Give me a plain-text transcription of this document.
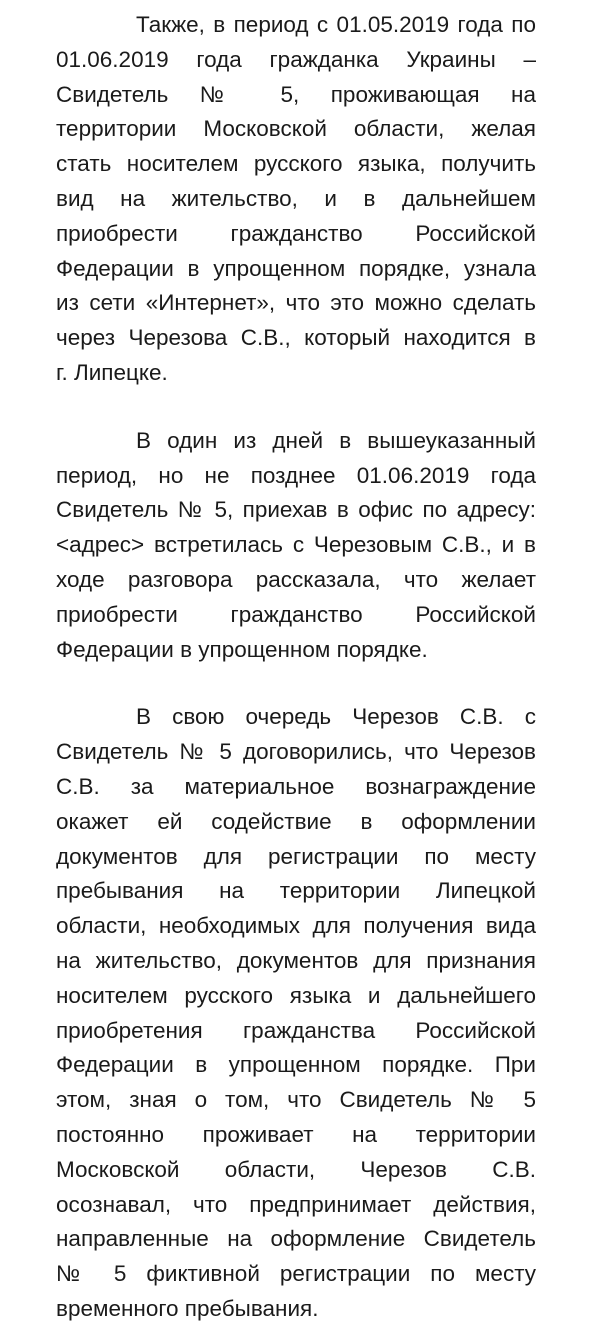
Также, в период с 01.05.2019 года по
01.06.2019 года гражданка Украины –
Свидетель № 5, проживающая на
территории Московской области, желая
стать носителем русского языка, получить
вид на жительство, и в дальнейшем
приобрести гражданство Российской
Федерации в упрощенном порядке, узнала
из сети «Интернет», что это можно сделать
через Черезова С.В., который находится в
г. Липецке.
В один из дней в вышеуказанный
период, но не позднее 01.06.2019 года
Свидетель № 5, приехав в офис по адресу:
<адрес> встретилась с Черезовым С.В., и в
ходе разговора рассказала, что желает
приобрести гражданство Российской
Федерации в упрощенном порядке.
В свою очередь Черезов С.В. с
Свидетель № 5 договорились, что Черезов
С.В. за материальное вознаграждение
окажет ей содействие в оформлении
документов для регистрации по месту
пребывания на территории Липецкой
области, необходимых для получения вида
на жительство, документов для признания
носителем русского языка и дальнейшего
приобретения гражданства Российской
Федерации в упрощенном порядке. При
этом, зная о том, что Свидетель № 5
постоянно проживает на территории
Московской области, Черезов С.В.
осознавал, что предпринимает действия,
направленные на оформление Свидетель
№ 5 фиктивной регистрации по месту
временного пребывания.
